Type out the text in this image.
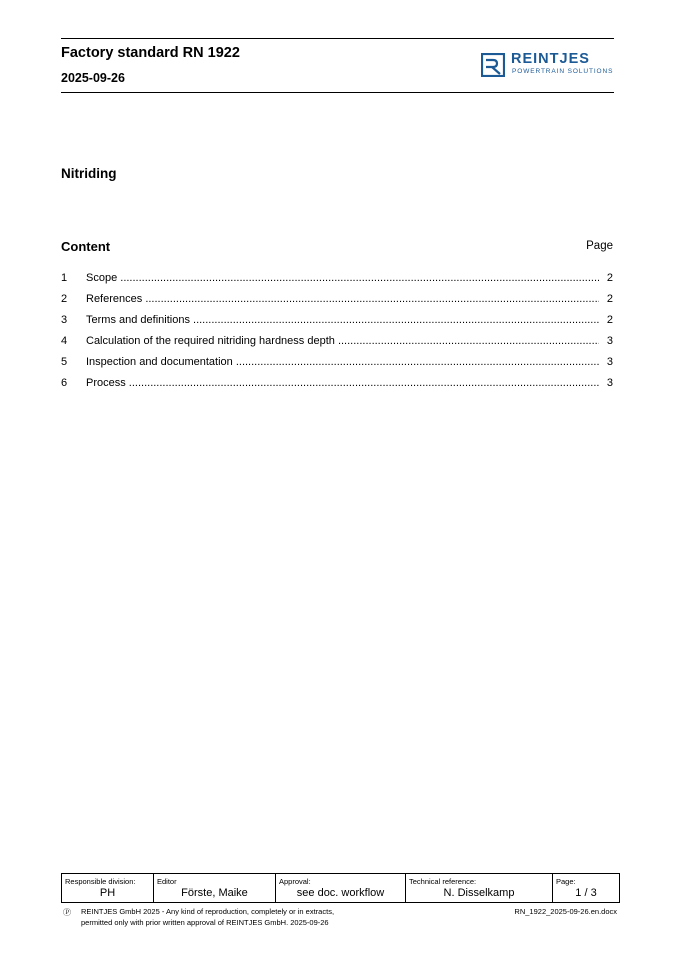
Factory standard RN 1922
2025-09-26
REINTJES
POWERTRAIN SOLUTIONS
Nitriding
Content	Page
1 Scope .....	2
2 References .....	2
3 Terms and definitions .....	2
4 Calculation of the required nitriding hardness depth .....	3
5 Inspection and documentation .....	3
6 Process .....	3
Responsible division:
PH
Editor
Förste, Maike
Approval:
see doc. workflow
Technical reference:
N. Disselkamp
Page:
1 / 3
Ⓟ REINTJES GmbH 2025 - Any kind of reproduction, completely or in extracts,
permitted only with prior written approval of REINTJES GmbH. 2025-09-26
RN_1922_2025-09-26.en.docx
